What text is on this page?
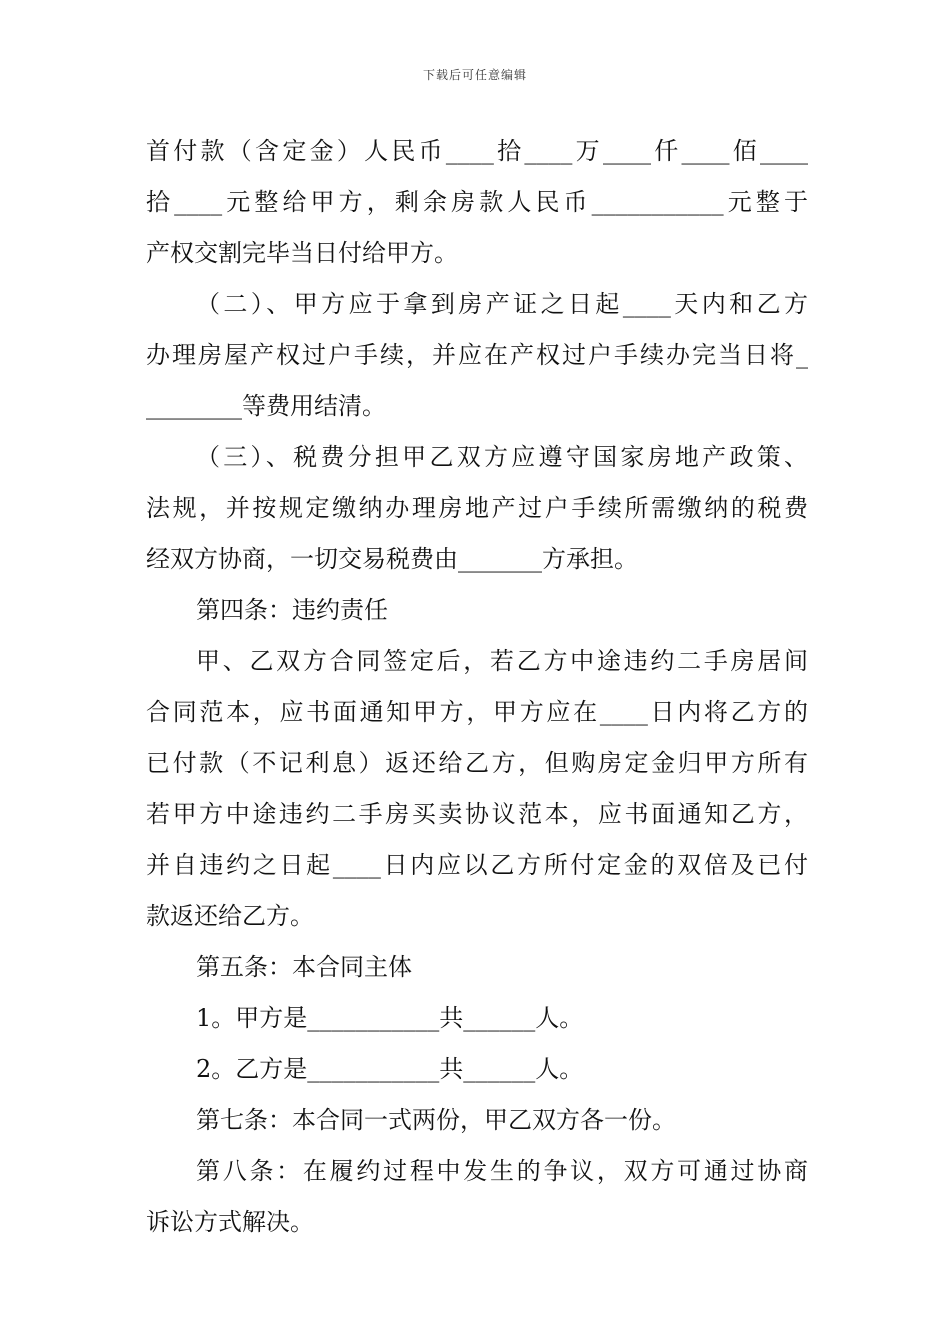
下载后可任意编辑
首付款（含定金）人民币____拾____万____仟____佰____
拾____元整给甲方，剩余房款人民币___________元整于
产权交割完毕当日付给甲方。
（二）、甲方应于拿到房产证之日起____天内和乙方
办理房屋产权过户手续，并应在产权过户手续办完当日将_
________等费用结清。
（三）、税费分担甲乙双方应遵守国家房地产政策、
法规，并按规定缴纳办理房地产过户手续所需缴纳的税费
经双方协商，一切交易税费由_______方承担。
第四条：违约责任
甲、乙双方合同签定后，若乙方中途违约二手房居间
合同范本，应书面通知甲方，甲方应在____日内将乙方的
已付款（不记利息）返还给乙方，但购房定金归甲方所有
若甲方中途违约二手房买卖协议范本，应书面通知乙方，
并自违约之日起____日内应以乙方所付定金的双倍及已付
款返还给乙方。
第五条：本合同主体
1。甲方是___________共______人。
2。乙方是___________共______人。
第七条：本合同一式两份，甲乙双方各一份。
第八条：在履约过程中发生的争议，双方可通过协商
诉讼方式解决。
